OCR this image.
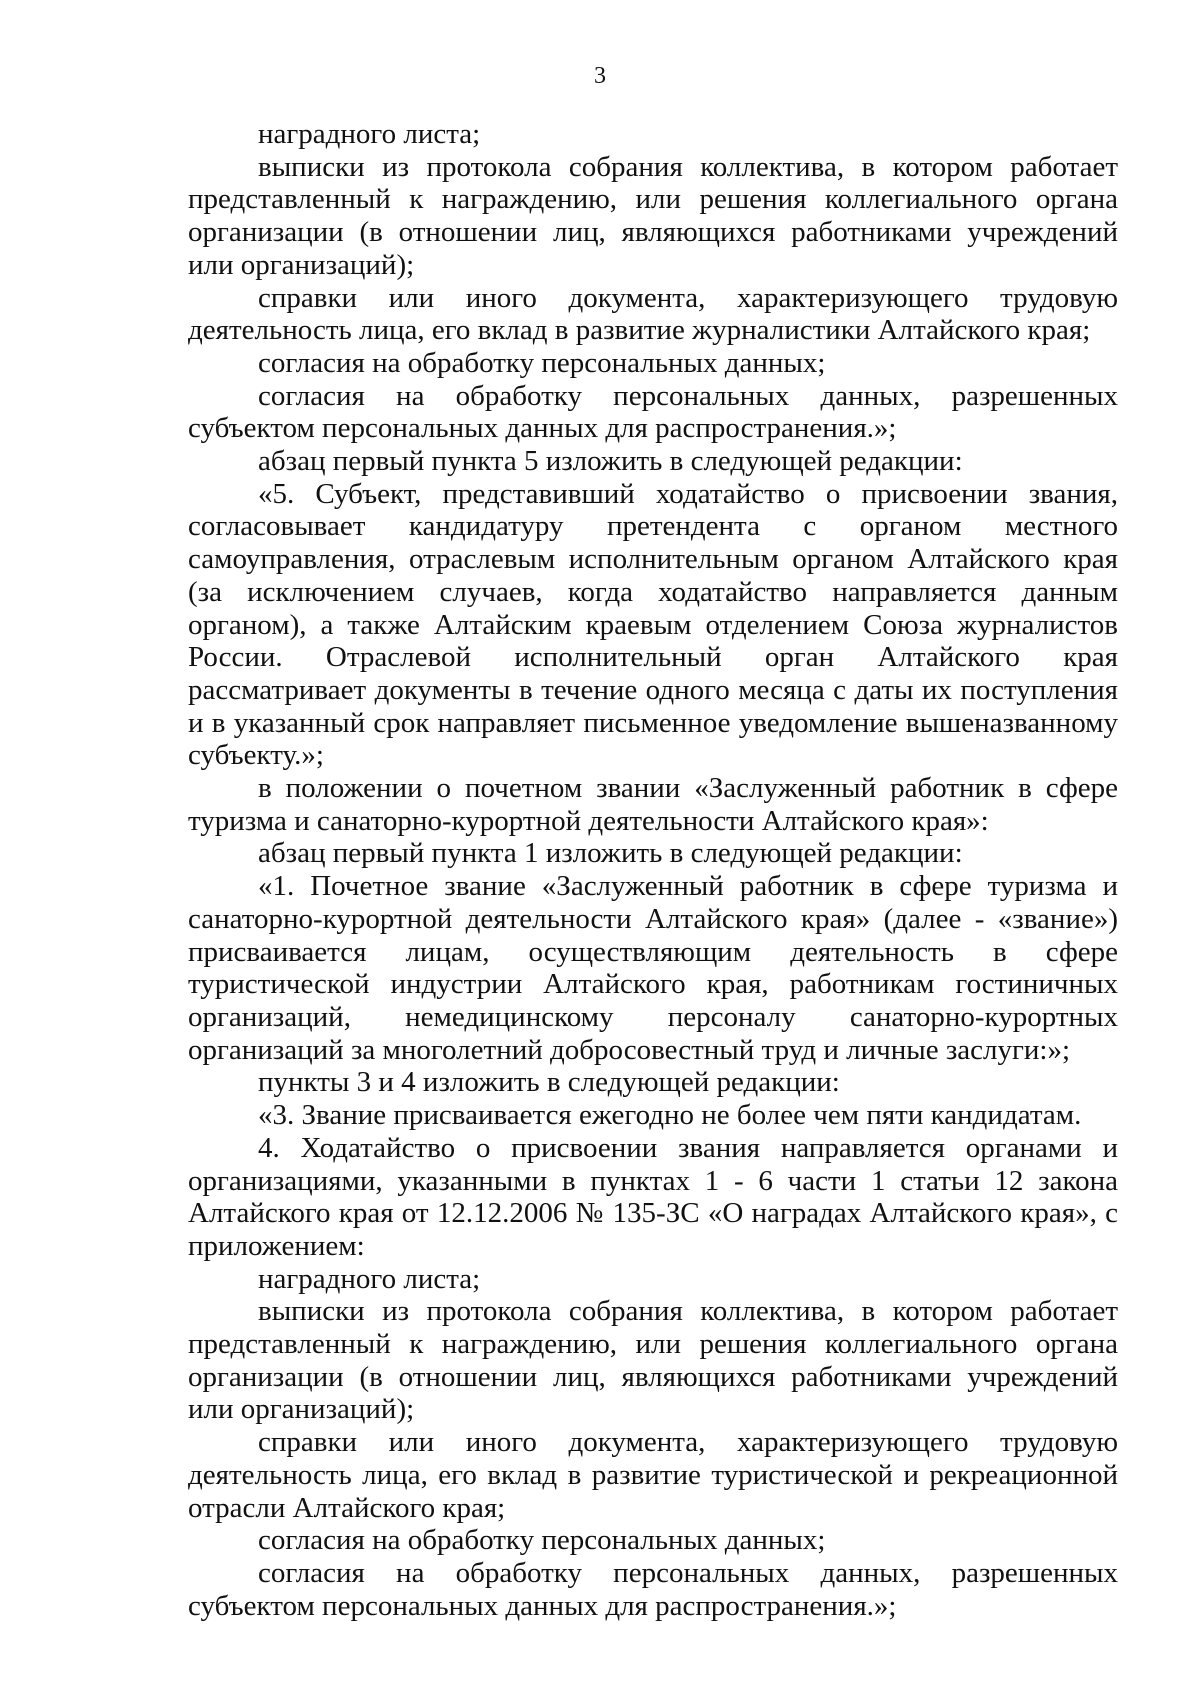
3

наградного листа;

выписки из протокола собрания коллектива, в котором работает представленный к награждению, или решения коллегиального органа организации (в отношении лиц, являющихся работниками учреждений или организаций);

справки или иного документа, характеризующего трудовую деятельность лица, его вклад в развитие журналистики Алтайского края;

согласия на обработку персональных данных;

согласия на обработку персональных данных, разрешенных субъектом персональных данных для распространения.»;

абзац первый пункта 5 изложить в следующей редакции:

«5. Субъект, представивший ходатайство о присвоении звания, согласовывает кандидатуру претендента с органом местного самоуправления, отраслевым исполнительным органом Алтайского края (за исключением случаев, когда ходатайство направляется данным органом), а также Алтайским краевым отделением Союза журналистов России. Отраслевой исполнительный орган Алтайского края рассматривает документы в течение одного месяца с даты их поступления и в указанный срок направляет письменное уведомление вышеназванному субъекту.»;

в положении о почетном звании «Заслуженный работник в сфере туризма и санаторно-курортной деятельности Алтайского края»:

абзац первый пункта 1 изложить в следующей редакции:

«1. Почетное звание «Заслуженный работник в сфере туризма и санаторно-курортной деятельности Алтайского края» (далее - «звание») присваивается лицам, осуществляющим деятельность в сфере туристической индустрии Алтайского края, работникам гостиничных организаций, немедицинскому персоналу санаторно-курортных организаций за многолетний добросовестный труд и личные заслуги:»;

пункты 3 и 4 изложить в следующей редакции:

«3. Звание присваивается ежегодно не более чем пяти кандидатам.

4. Ходатайство о присвоении звания направляется органами и организациями, указанными в пунктах 1 - 6 части 1 статьи 12 закона Алтайского края от 12.12.2006 № 135-ЗС «О наградах Алтайского края», с приложением:

наградного листа;

выписки из протокола собрания коллектива, в котором работает представленный к награждению, или решения коллегиального органа организации (в отношении лиц, являющихся работниками учреждений или организаций);

справки или иного документа, характеризующего трудовую деятельность лица, его вклад в развитие туристической и рекреационной отрасли Алтайского края;

согласия на обработку персональных данных;

согласия на обработку персональных данных, разрешенных субъектом персональных данных для распространения.»;
